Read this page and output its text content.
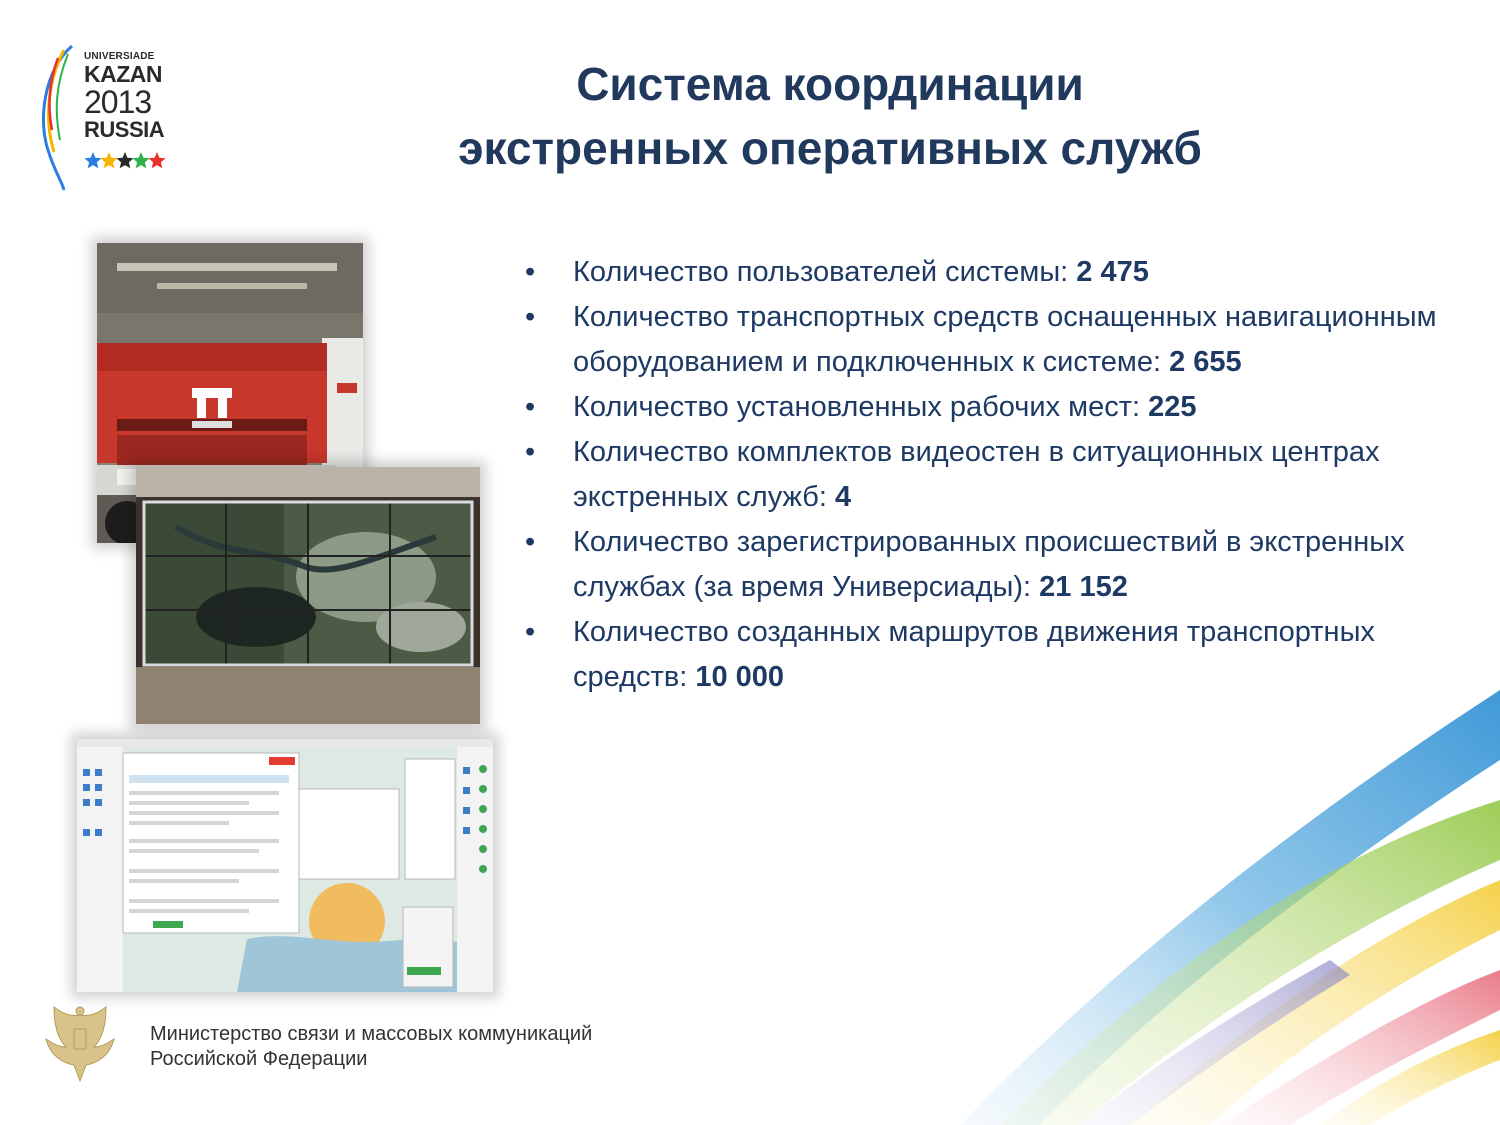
UNIVERSIADE
KAZAN
2013
RUSSIA
Система координации
экстренных оперативных служб
• Количество пользователей системы: 2 475
• Количество транспортных средств оснащенных навигационным оборудованием и подключенных к системе: 2 655
• Количество установленных рабочих мест: 225
• Количество комплектов видеостен в ситуационных центрах экстренных служб: 4
• Количество зарегистрированных происшествий в экстренных службах (за время Универсиады): 21 152
• Количество созданных маршрутов движения транспортных средств: 10 000
Министерство связи и массовых коммуникаций
Российской Федерации
